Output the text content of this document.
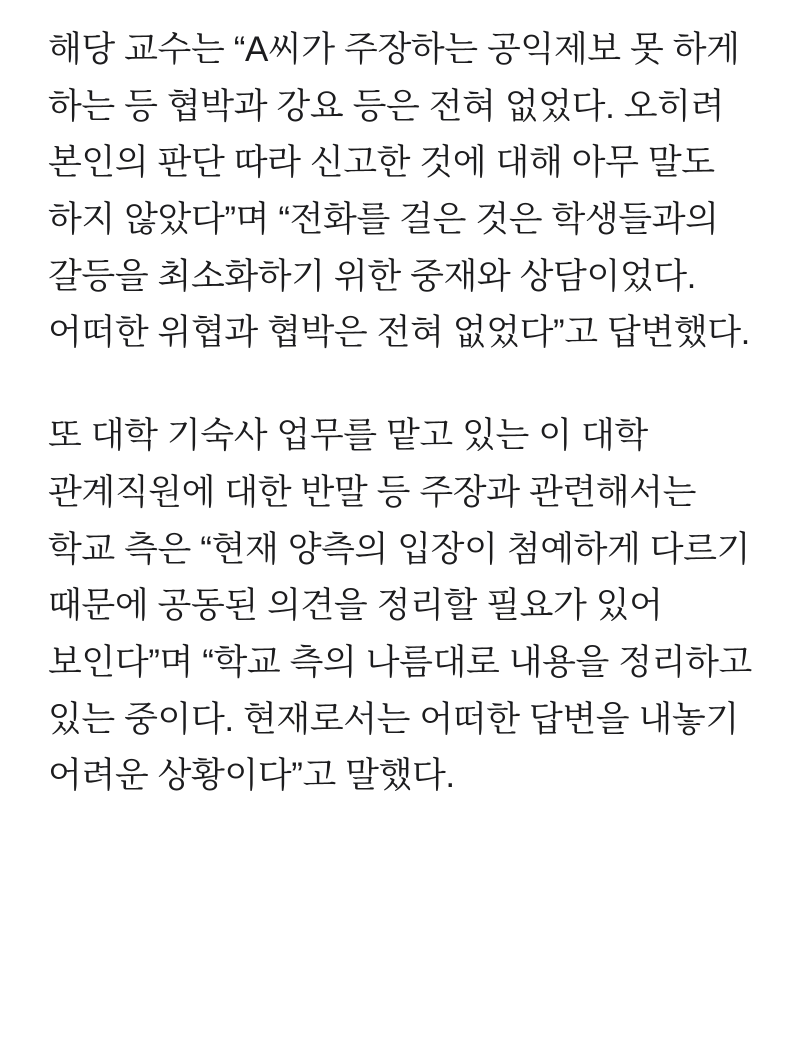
해당 교수는 “A씨가 주장하는 공익제보 못 하게 하는 등 협박과 강요 등은 전혀 없었다. 오히려 본인의 판단 따라 신고한 것에 대해 아무 말도 하지 않았다”며 “전화를 걸은 것은 학생들과의 갈등을 최소화하기 위한 중재와 상담이었다. 어떠한 위협과 협박은 전혀 없었다”고 답변했다.

또 대학 기숙사 업무를 맡고 있는 이 대학 관계직원에 대한 반말 등 주장과 관련해서는 학교 측은 “현재 양측의 입장이 첨예하게 다르기 때문에 공동된 의견을 정리할 필요가 있어 보인다”며 “학교 측의 나름대로 내용을 정리하고 있는 중이다. 현재로서는 어떠한 답변을 내놓기 어려운 상황이다”고 말했다.
